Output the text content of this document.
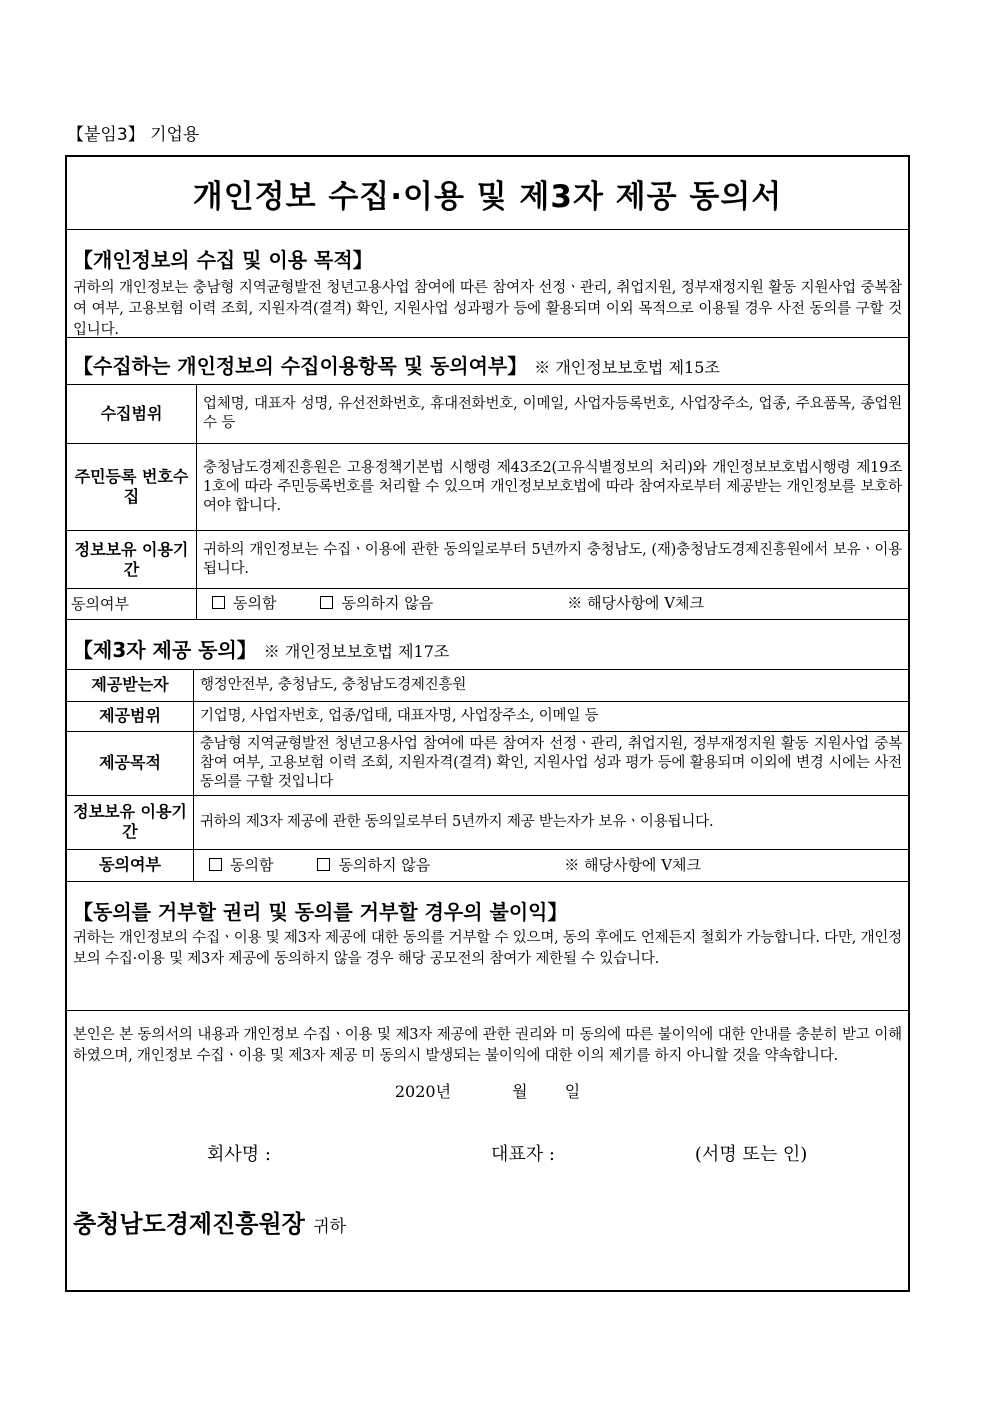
【붙임3】 기업용
개인정보 수집·이용 및 제3자 제공 동의서
【개인정보의 수집 및 이용 목적】
귀하의 개인정보는 충남형 지역균형발전 청년고용사업 참여에 따른 참여자 선정ㆍ관리, 취업지원, 정부재정지원 활동 지원사업 중복참여 여부, 고용보험 이력 조회, 지원자격(결격) 확인, 지원사업 성과평가 등에 활용되며 이외 목적으로 이용될 경우 사전 동의를 구할 것입니다.
【수집하는 개인정보의 수집이용항목 및 동의여부】 ※ 개인정보보호법 제15조
수집범위	업체명, 대표자 성명, 유선전화번호, 휴대전화번호, 이메일, 사업자등록번호, 사업장주소, 업종, 주요품목, 종업원 수 등
주민등록 번호수집	충청남도경제진흥원은 고용정책기본법 시행령 제43조2(고유식별정보의 처리)와 개인정보보호법시행령 제19조1호에 따라 주민등록번호를 처리할 수 있으며 개인정보보호법에 따라 참여자로부터 제공받는 개인정보를 보호하여야 합니다.
정보보유 이용기간	귀하의 개인정보는 수집ㆍ이용에 관한 동의일로부터 5년까지 충청남도, (재)충청남도경제진흥원에서 보유ㆍ이용됩니다.
동의여부	동의함 동의하지 않음 ※ 해당사항에 V체크
【제3자 제공 동의】 ※ 개인정보보호법 제17조
제공받는자	행정안전부, 충청남도, 충청남도경제진흥원
제공범위	기업명, 사업자번호, 업종/업태, 대표자명, 사업장주소, 이메일 등
제공목적	충남형 지역균형발전 청년고용사업 참여에 따른 참여자 선정ㆍ관리, 취업지원, 정부재정지원 활동 지원사업 중복참여 여부, 고용보험 이력 조회, 지원자격(결격) 확인, 지원사업 성과 평가 등에 활용되며 이외에 변경 시에는 사전 동의를 구할 것입니다
정보보유 이용기간	귀하의 제3자 제공에 관한 동의일로부터 5년까지 제공 받는자가 보유ㆍ이용됩니다.
동의여부	동의함 동의하지 않음 ※ 해당사항에 V체크
【동의를 거부할 권리 및 동의를 거부할 경우의 불이익】
귀하는 개인정보의 수집ㆍ이용 및 제3자 제공에 대한 동의를 거부할 수 있으며, 동의 후에도 언제든지 철회가 가능합니다. 다만, 개인정보의 수집·이용 및 제3자 제공에 동의하지 않을 경우 해당 공모전의 참여가 제한될 수 있습니다.
본인은 본 동의서의 내용과 개인정보 수집ㆍ이용 및 제3자 제공에 관한 권리와 미 동의에 따른 불이익에 대한 안내를 충분히 받고 이해하였으며, 개인정보 수집ㆍ이용 및 제3자 제공 미 동의시 발생되는 불이익에 대한 이의 제기를 하지 아니할 것을 약속합니다.
2020년	월 일
회사명 :	대표자 :	(서명 또는 인)
충청남도경제진흥원장 귀하
